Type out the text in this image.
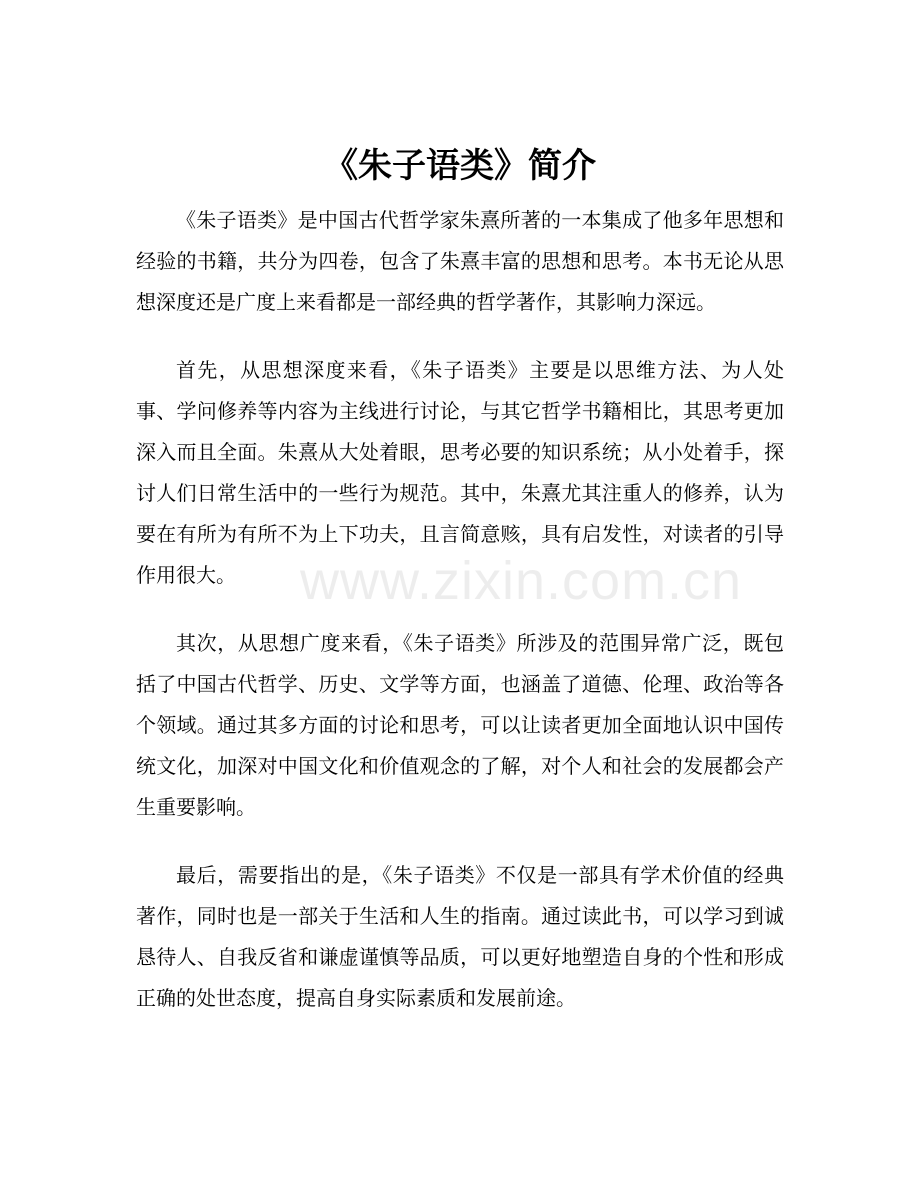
《朱子语类》简介

《朱子语类》是中国古代哲学家朱熹所著的一本集成了他多年思想和经验的书籍，共分为四卷，包含了朱熹丰富的思想和思考。本书无论从思想深度还是广度上来看都是一部经典的哲学著作，其影响力深远。

首先，从思想深度来看，《朱子语类》主要是以思维方法、为人处事、学问修养等内容为主线进行讨论，与其它哲学书籍相比，其思考更加深入而且全面。朱熹从大处着眼，思考必要的知识系统；从小处着手，探讨人们日常生活中的一些行为规范。其中，朱熹尤其注重人的修养，认为要在有所为有所不为上下功夫，且言简意赅，具有启发性，对读者的引导作用很大。

其次，从思想广度来看，《朱子语类》所涉及的范围异常广泛，既包括了中国古代哲学、历史、文学等方面，也涵盖了道德、伦理、政治等各个领域。通过其多方面的讨论和思考，可以让读者更加全面地认识中国传统文化，加深对中国文化和价值观念的了解，对个人和社会的发展都会产生重要影响。

最后，需要指出的是，《朱子语类》不仅是一部具有学术价值的经典著作，同时也是一部关于生活和人生的指南。通过读此书，可以学习到诚恳待人、自我反省和谦虚谨慎等品质，可以更好地塑造自身的个性和形成正确的处世态度，提高自身实际素质和发展前途。

www.zixin.com.cn
